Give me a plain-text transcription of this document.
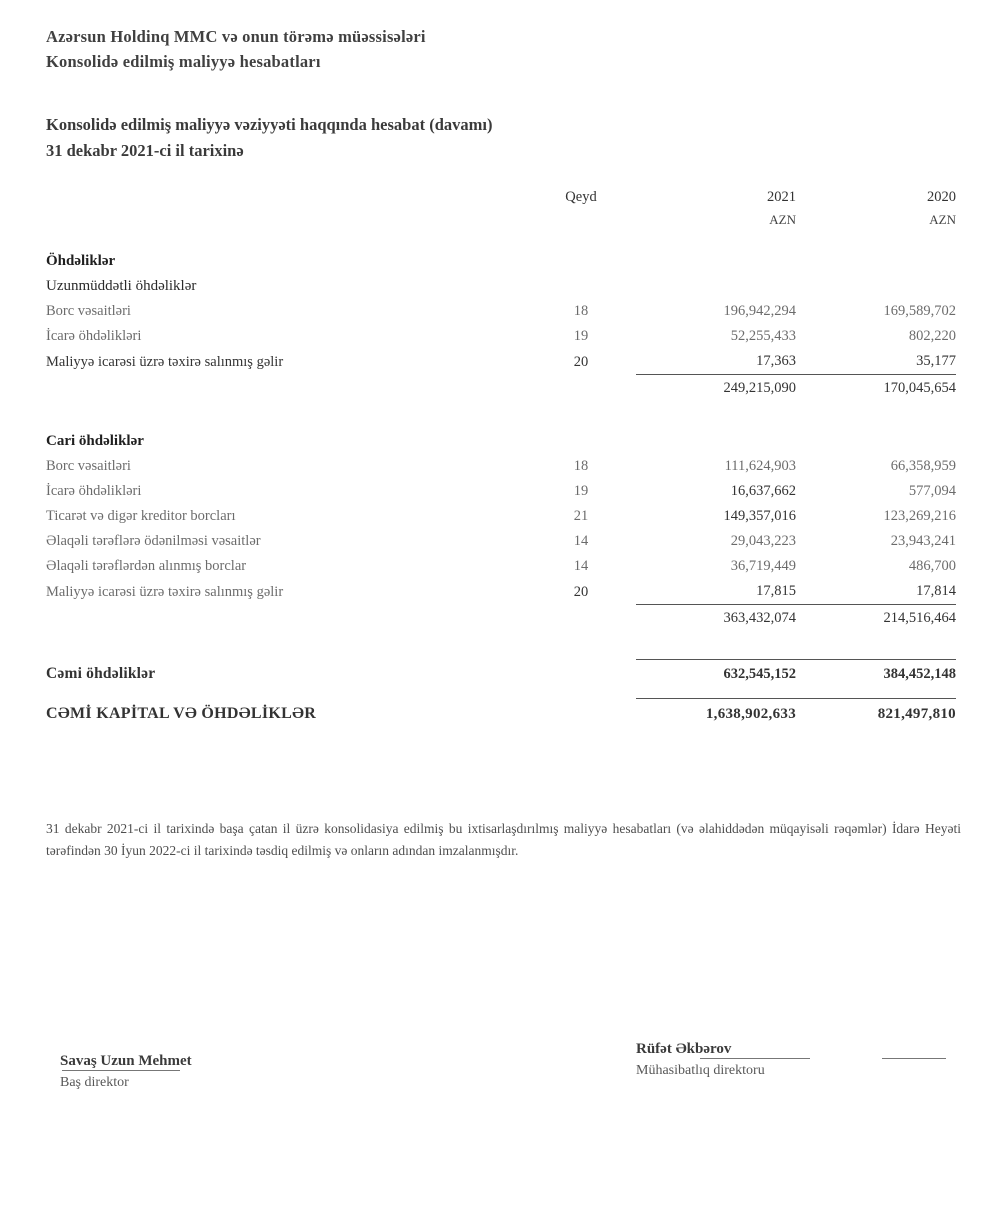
Azərsun Holdinq MMC və onun törəmə müəssisələri
Konsolidə edilmiş maliyyə hesabatları
Konsolidə edilmiş maliyyə vəziyyəti haqqında hesabat (davamı)
31 dekabr 2021-ci il tarixinə
	Qeyd	2021	2020
		AZN	AZN

Öhdəliklər			
Uzunmüddətli öhdəliklər			
Borc vəsaitləri	18	196,942,294	169,589,702
İcarə öhdəlikləri	19	52,255,433	802,220
Maliyyə icarəsi üzrə təxirə salınmış gəlir	20	17,363	35,177
		249,215,090	170,045,654

Cari öhdəliklər			
Borc vəsaitləri	18	111,624,903	66,358,959
İcarə öhdəlikləri	19	16,637,662	577,094
Ticarət və digər kreditor borcları	21	149,357,016	123,269,216
Əlaqəli tərəflərə ödənilməsi vəsaitlər	14	29,043,223	23,943,241
Əlaqəli tərəflərdən alınmış borclar	14	36,719,449	486,700
Maliyyə icarəsi üzrə təxirə salınmış gəlir	20	17,815	17,814
		363,432,074	214,516,464

Cəmi öhdəliklər		632,545,152	384,452,148

CƏMİ KAPİTAL VƏ ÖHDƏLİKLƏR		1,638,902,633	821,497,810
31 dekabr 2021-ci il tarixində başa çatan il üzrə konsolidasiya edilmiş bu ixtisarlaşdırılmış maliyyə hesabatları (və əlahiddədən müqayisəli rəqəmlər) İdarə Heyəti tərəfindən 30 İyun 2022-ci il tarixində təsdiq edilmiş və onların adından imzalanmışdır.
Savaş Uzun Mehmet
Baş direktor
Rüfət Əkbərov
Mühasibatlıq direktoru
